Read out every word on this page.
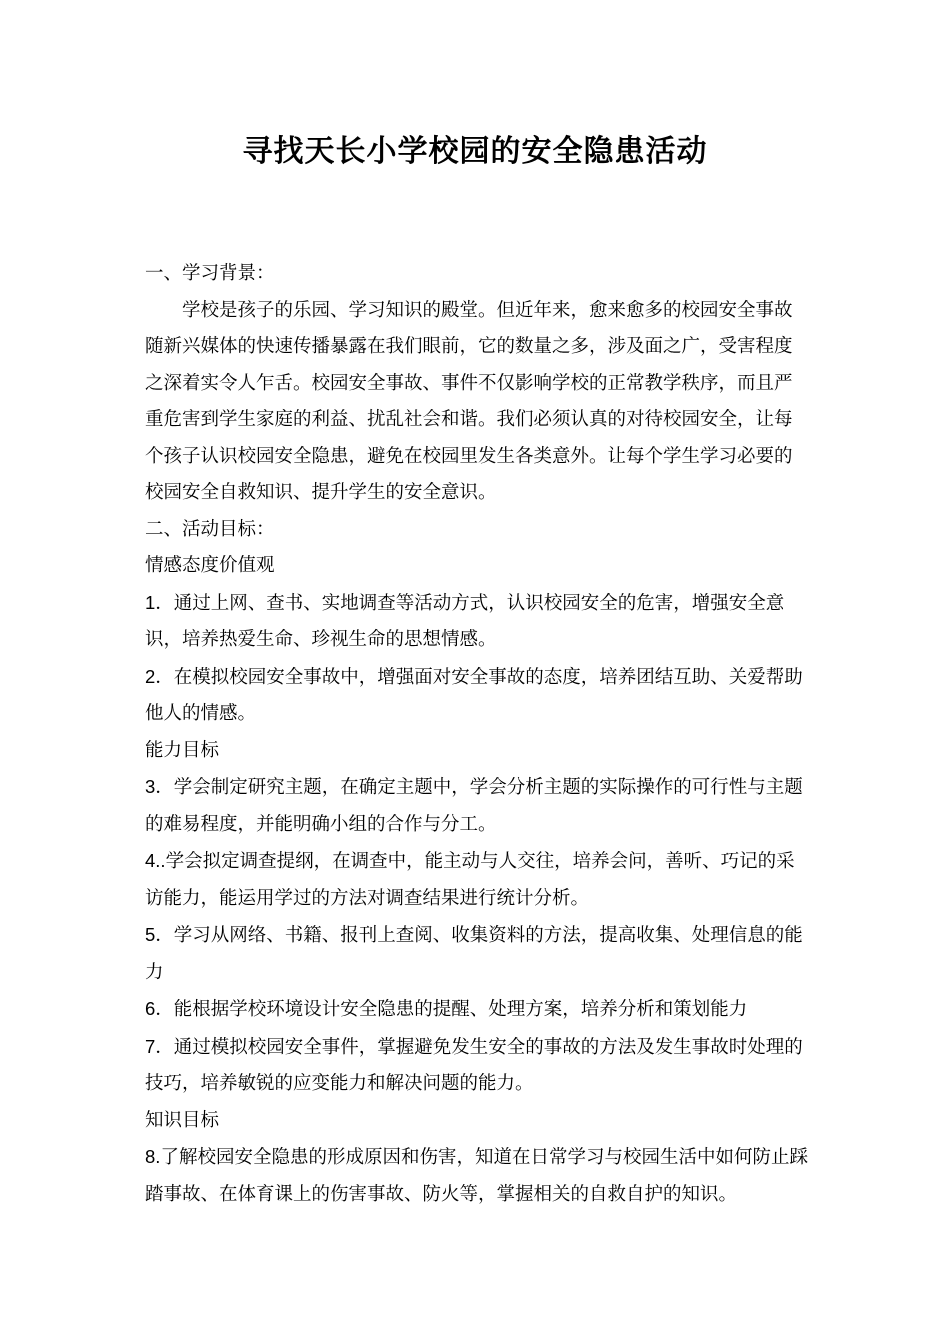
寻找天长小学校园的安全隐患活动

一、学习背景：

学校是孩子的乐园、学习知识的殿堂。但近年来，愈来愈多的校园安全事故随新兴媒体的快速传播暴露在我们眼前，它的数量之多，涉及面之广，受害程度之深着实令人乍舌。校园安全事故、事件不仅影响学校的正常教学秩序，而且严重危害到学生家庭的利益、扰乱社会和谐。我们必须认真的对待校园安全，让每个孩子认识校园安全隐患，避免在校园里发生各类意外。让每个学生学习必要的校园安全自救知识、提升学生的安全意识。

二、活动目标：

情感态度价值观

1．通过上网、查书、实地调查等活动方式，认识校园安全的危害，增强安全意识，培养热爱生命、珍视生命的思想情感。

2．在模拟校园安全事故中，增强面对安全事故的态度，培养团结互助、关爱帮助他人的情感。

能力目标

3．学会制定研究主题，在确定主题中，学会分析主题的实际操作的可行性与主题的难易程度，并能明确小组的合作与分工。

4..学会拟定调查提纲，在调查中，能主动与人交往，培养会问，善听、巧记的采访能力，能运用学过的方法对调查结果进行统计分析。

5．学习从网络、书籍、报刊上查阅、收集资料的方法，提高收集、处理信息的能力

6．能根据学校环境设计安全隐患的提醒、处理方案，培养分析和策划能力

7．通过模拟校园安全事件，掌握避免发生安全的事故的方法及发生事故时处理的技巧，培养敏锐的应变能力和解决问题的能力。

知识目标

8.了解校园安全隐患的形成原因和伤害，知道在日常学习与校园生活中如何防止踩踏事故、在体育课上的伤害事故、防火等，掌握相关的自救自护的知识。
